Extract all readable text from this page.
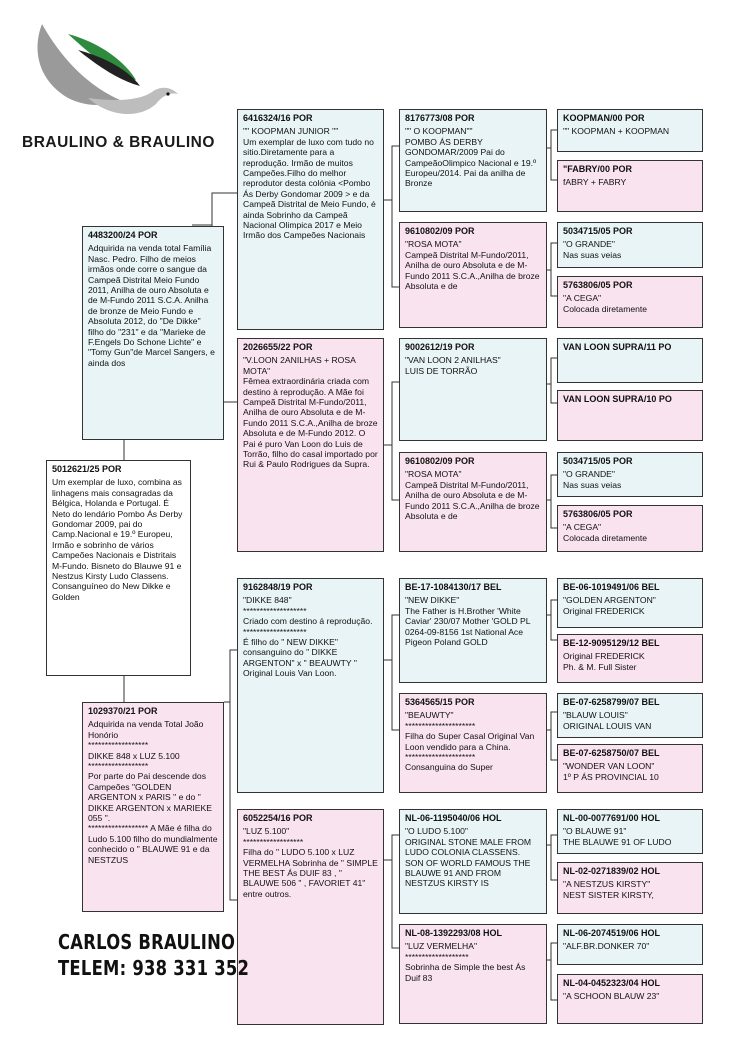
BRAULINO & BRAULINO
5012621/25 POR
Um exemplar de luxo, combina as linhagens mais consagradas da Bélgica, Holanda e Portugal. É Neto do lendário Pombo Ás Derby Gondomar 2009, pai do Camp.Nacional e 19.º Europeu, Irmão e sobrinho de vários Campeões Nacionais e Distritais M-Fundo. Bisneto do Blauwe 91 e Nestzus Kirsty Ludo Classens. Consanguíneo do New Dikke e Golden
4483200/24 POR
Adquirida na venda total Família Nasc. Pedro. Filho de meios irmãos onde corre o sangue da Campeã Distrital Meio Fundo 2011, Anilha de ouro Absoluta e de M-Fundo 2011 S.C.A. Anilha de bronze de Meio Fundo e Absoluta 2012, do "De Dikke" filho do "231" e da "Marieke de F.Engels Do Schone Lichte" e "Tomy Gun"de Marcel Sangers, e ainda dos
1029370/21 POR
Adquirida na venda Total João Honório
******************
DIKKE 848 x LUZ 5.100
******************
Por parte do Pai descende dos Campeões "GOLDEN ARGENTON x PARIS " e do " DIKKE ARGENTON x MARIEKE 055 ".
****************** A Mãe é filha do Ludo 5.100 filho do mundialmente conhecido o " BLAUWE 91 e da NESTZUS
6416324/16 POR
"" KOOPMAN JUNIOR ""
Um exemplar de luxo com tudo no sitio.Diretamente para a reprodução. Irmão de muitos Campeões.Filho do melhor reprodutor desta colónia <Pombo Ás Derby Gondomar 2009 > e da Campeã Distrital de Meio Fundo, é ainda Sobrinho da Campeã Nacional Olimpica 2017 e Meio Irmão dos Campeões Nacionais
2026655/22 POR
"V.LOON 2ANILHAS + ROSA MOTA"
Fêmea extraordinária criada com destino à reprodução. A Mãe foi Campeã Distrital M-Fundo/2011, Anilha de ouro Absoluta e de M-Fundo 2011 S.C.A.,Anilha de broze Absoluta e de M-Fundo 2012. O Pai é puro Van Loon do Luis de Torrão, filho do casal importado por Rui & Paulo Rodrigues da Supra.
9162848/19 POR
"DIKKE 848"
*******************
Criado com destino á reprodução.
*******************
É filho do " NEW DIKKE" consanguino do " DIKKE ARGENTON" x " BEAUWTY " Original Louis Van Loon.
6052254/16 POR
"LUZ 5.100"
******************
Filha do " LUDO 5.100 x LUZ VERMELHA Sobrinha de " SIMPLE THE BEST Ás DUIF 83 , " BLAUWE 506 " , FAVORIET 41" entre outros.
8176773/08 POR
"" O KOOPMAN""
POMBO ÁS DERBY GONDOMAR/2009 Pai do CampeãoOlimpico Nacional e 19.º Europeu/2014. Pai da anilha de Bronze
9610802/09 POR
"ROSA MOTA"
Campeã Distrital M-Fundo/2011, Anilha de ouro Absoluta e de M-Fundo 2011 S.C.A.,Anilha de broze Absoluta e de
9002612/19 POR
"VAN LOON 2 ANILHAS"
LUIS DE TORRÃO
9610802/09 POR
"ROSA MOTA"
Campeã Distrital M-Fundo/2011, Anilha de ouro Absoluta e de M-Fundo 2011 S.C.A.,Anilha de broze Absoluta e de
BE-17-1084130/17 BEL
"NEW DIKKE"
The Father is H.Brother 'White Caviar' 230/07 Mother 'GOLD PL 0264-09-8156 1st National Ace Pigeon Poland GOLD
5364565/15 POR
"BEAUWTY"
*********************
Filha do Super Casal Original Van Loon vendido para a China.
*********************
Consanguina do Super
NL-06-1195040/06 HOL
"O LUDO 5.100"
ORIGINAL STONE MALE FROM LUDO COLONIA CLASSENS. SON OF WORLD FAMOUS THE BLAUWE 91 AND FROM NESTZUS KIRSTY IS
NL-08-1392293/08 HOL
"LUZ VERMELHA"
*******************
Sobrinha de Simple the best Ás Duif 83
KOOPMAN/00 POR
"" KOOPMAN + KOOPMAN
"FABRY/00 POR
fABRY + FABRY
5034715/05 POR
"O GRANDE"
Nas suas veias
5763806/05 POR
"A CEGA"
Colocada diretamente
VAN LOON SUPRA/11 PO
VAN LOON SUPRA/10 PO
5034715/05 POR
"O GRANDE"
Nas suas veias
5763806/05 POR
"A CEGA"
Colocada diretamente
BE-06-1019491/06 BEL
"GOLDEN ARGENTON"
Original FREDERICK
BE-12-9095129/12 BEL
Original FREDERICK
Ph. & M. Full Sister
BE-07-6258799/07 BEL
"BLAUW LOUIS"
ORIGINAL LOUIS VAN
BE-07-6258750/07 BEL
"WONDER VAN LOON"
1º P ÁS PROVINCIAL 10
NL-00-0077691/00 HOL
"O BLAUWE 91"
THE BLAUWE 91 OF LUDO
NL-02-0271839/02 HOL
"A NESTZUS KIRSTY"
NEST SISTER KIRSTY,
NL-06-2074519/06 HOL
"ALF.BR.DONKER 70"
NL-04-0452323/04 HOL
"A SCHOON BLAUW 23"
CARLOS BRAULINO
TELEM: 938 331 352
